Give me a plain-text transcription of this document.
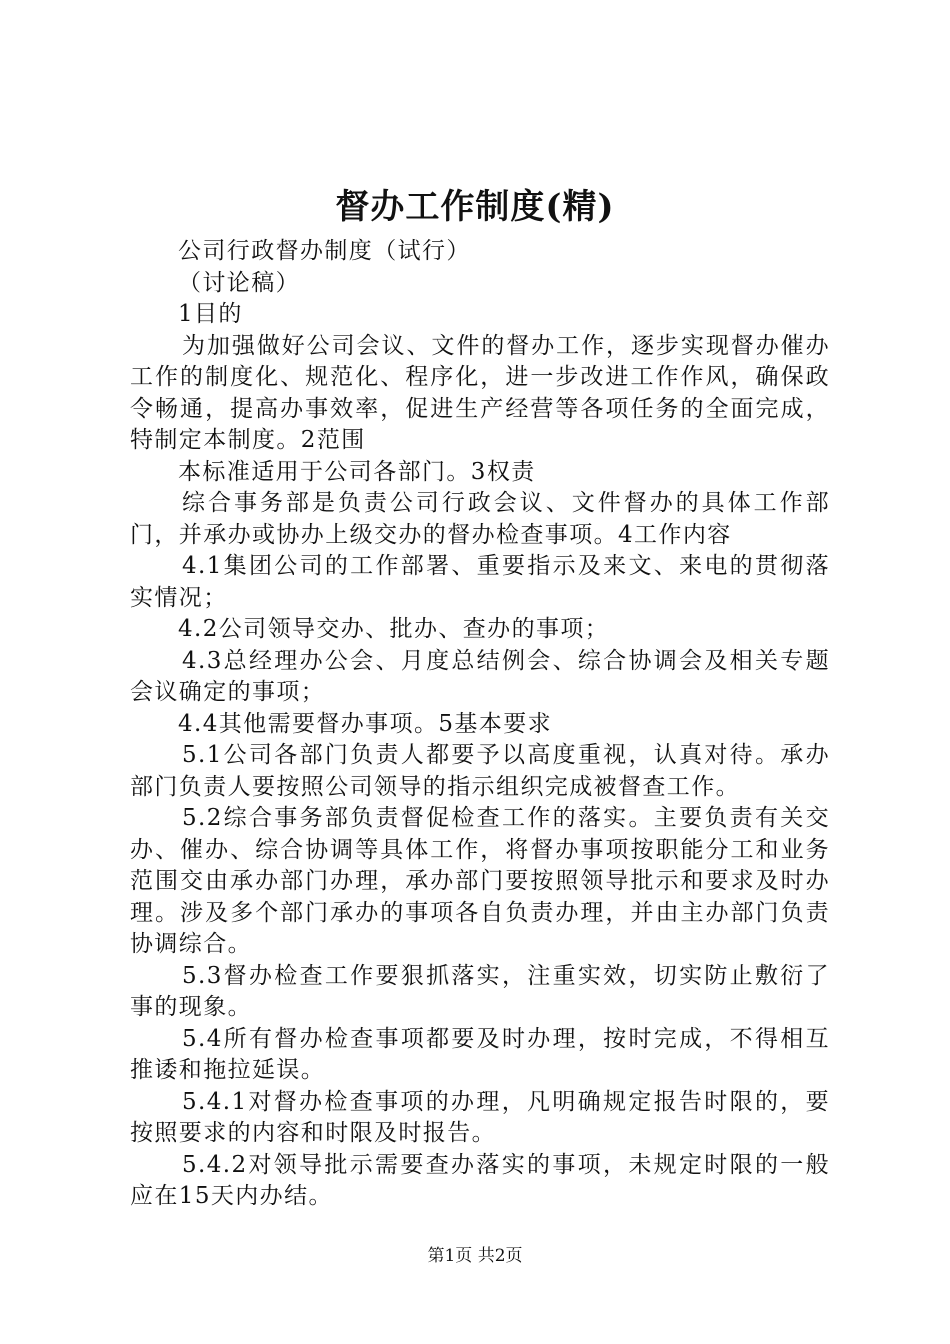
督办工作制度(精)

公司行政督办制度（试行）

（讨论稿）

1目的

为加强做好公司会议、文件的督办工作，逐步实现督办催办工作的制度化、规范化、程序化，进一步改进工作作风，确保政令畅通，提高办事效率，促进生产经营等各项任务的全面完成，特制定本制度。2范围

本标准适用于公司各部门。3权责

综合事务部是负责公司行政会议、文件督办的具体工作部门，并承办或协办上级交办的督办检查事项。4工作内容

4.1集团公司的工作部署、重要指示及来文、来电的贯彻落实情况；

4.2公司领导交办、批办、查办的事项；

4.3总经理办公会、月度总结例会、综合协调会及相关专题会议确定的事项；

4.4其他需要督办事项。5基本要求

5.1公司各部门负责人都要予以高度重视，认真对待。承办部门负责人要按照公司领导的指示组织完成被督查工作。

5.2综合事务部负责督促检查工作的落实。主要负责有关交办、催办、综合协调等具体工作，将督办事项按职能分工和业务范围交由承办部门办理，承办部门要按照领导批示和要求及时办理。涉及多个部门承办的事项各自负责办理，并由主办部门负责协调综合。

5.3督办检查工作要狠抓落实，注重实效，切实防止敷衍了事的现象。

5.4所有督办检查事项都要及时办理，按时完成，不得相互推诿和拖拉延误。

5.4.1对督办检查事项的办理，凡明确规定报告时限的，要按照要求的内容和时限及时报告。

5.4.2对领导批示需要查办落实的事项，未规定时限的一般应在15天内办结。

第1页 共2页
